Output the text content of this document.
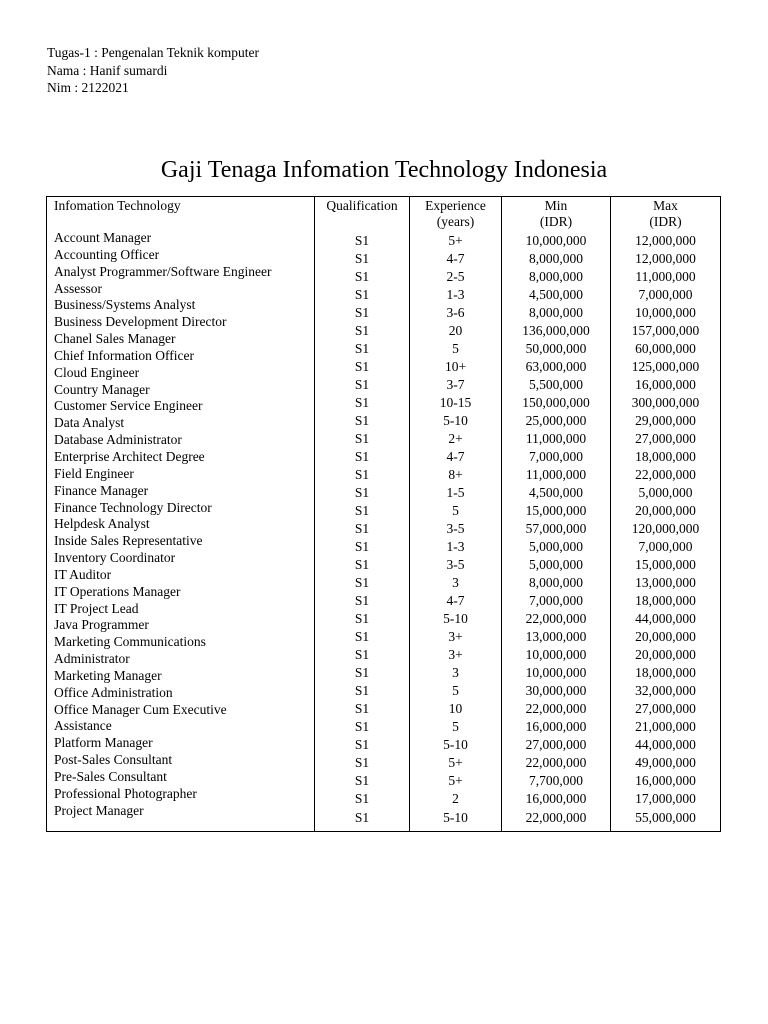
Tugas-1 : Pengenalan Teknik komputer
Nama : Hanif sumardi
Nim : 2122021
Gaji Tenaga Infomation Technology Indonesia
Infomation Technology
Account Manager
Accounting Officer
Analyst Programmer/Software Engineer
Assessor
Business/Systems Analyst
Business Development Director
Chanel Sales Manager
Chief Information Officer
Cloud Engineer
Country Manager
Customer Service Engineer
Data Analyst
Database Administrator
Enterprise Architect Degree
Field Engineer
Finance Manager
Finance Technology Director
Helpdesk Analyst
Inside Sales Representative
Inventory Coordinator
IT Auditor
IT Operations Manager
IT Project Lead
Java Programmer
Marketing Communications
Administrator
Marketing Manager
Office Administration
Office Manager Cum Executive
Assistance
Platform Manager
Post-Sales Consultant
Pre-Sales Consultant
Professional Photographer
Project Manager
Qualification
S1
S1
S1
S1
S1
S1
S1
S1
S1
S1
S1
S1
S1
S1
S1
S1
S1
S1
S1
S1
S1
S1
S1
S1
S1
S1
S1
S1
S1
S1
S1
S1
S1
Experience
(years)
5+
4-7
2-5
1-3
3-6
20
5
10+
3-7
10-15
5-10
2+
4-7
8+
1-5
5
3-5
1-3
3-5
3
4-7
5-10
3+
3+
3
5
10
5
5-10
5+
5+
2
5-10
Min
(IDR)
10,000,000
8,000,000
8,000,000
4,500,000
8,000,000
136,000,000
50,000,000
63,000,000
5,500,000
150,000,000
25,000,000
11,000,000
7,000,000
11,000,000
4,500,000
15,000,000
57,000,000
5,000,000
5,000,000
8,000,000
7,000,000
22,000,000
13,000,000
10,000,000
10,000,000
30,000,000
22,000,000
16,000,000
27,000,000
22,000,000
7,700,000
16,000,000
22,000,000
Max
(IDR)
12,000,000
12,000,000
11,000,000
7,000,000
10,000,000
157,000,000
60,000,000
125,000,000
16,000,000
300,000,000
29,000,000
27,000,000
18,000,000
22,000,000
5,000,000
20,000,000
120,000,000
7,000,000
15,000,000
13,000,000
18,000,000
44,000,000
20,000,000
20,000,000
18,000,000
32,000,000
27,000,000
21,000,000
44,000,000
49,000,000
16,000,000
17,000,000
55,000,000
